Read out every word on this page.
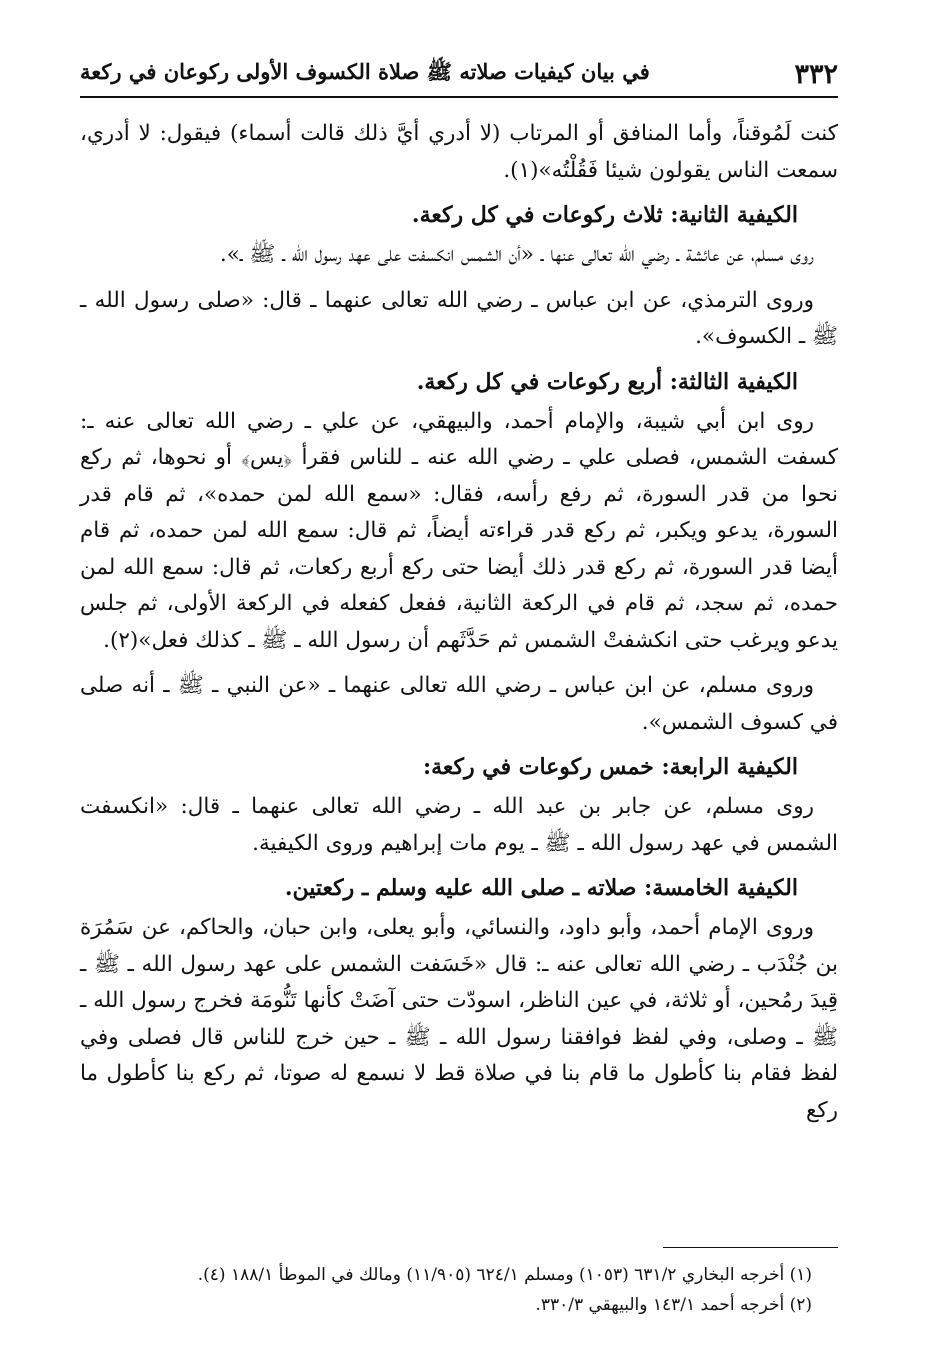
٣٣٢
في بيان كيفيات صلاته ﷺ صلاة الكسوف الأولى ركوعان في ركعة

كنت لَمُوقناً، وأما المنافق أو المرتاب (لا أدري أيَّ ذلك قالت أسماء) فيقول: لا أدري، سمعت الناس يقولون شيئا فَقُلْتُه»(١).

الكيفية الثانية: ثلاث ركوعات في كل ركعة.

روى مسلم، عن عائشة ـ رضي الله تعالى عنها ـ «أن الشمس انكسفت على عهد رسول الله ـ ﷺ ـ».

وروى الترمذي، عن ابن عباس ـ رضي الله تعالى عنهما ـ قال: «صلى رسول الله ـ ﷺ ـ الكسوف».

الكيفية الثالثة: أربع ركوعات في كل ركعة.

روى ابن أبي شيبة، والإمام أحمد، والبيهقي، عن علي ـ رضي الله تعالى عنه ـ: كسفت الشمس، فصلى علي ـ رضي الله عنه ـ للناس فقرأ ﴿يس﴾ أو نحوها، ثم ركع نحوا من قدر السورة، ثم رفع رأسه، فقال: «سمع الله لمن حمده»، ثم قام قدر السورة، يدعو ويكبر، ثم ركع قدر قراءته أيضاً، ثم قال: سمع الله لمن حمده، ثم قام أيضا قدر السورة، ثم ركع قدر ذلك أيضا حتى ركع أربع ركعات، ثم قال: سمع الله لمن حمده، ثم سجد، ثم قام في الركعة الثانية، ففعل كفعله في الركعة الأولى، ثم جلس يدعو ويرغب حتى انكشفتْ الشمس ثم حَدَّثَهم أن رسول الله ـ ﷺ ـ كذلك فعل»(٢).

وروى مسلم، عن ابن عباس ـ رضي الله تعالى عنهما ـ «عن النبي ـ ﷺ ـ أنه صلى في كسوف الشمس».

الكيفية الرابعة: خمس ركوعات في ركعة:

روى مسلم، عن جابر بن عبد الله ـ رضي الله تعالى عنهما ـ قال: «انكسفت الشمس في عهد رسول الله ـ ﷺ ـ يوم مات إبراهيم وروى الكيفية.

الكيفية الخامسة: صلاته ـ صلى الله عليه وسلم ـ ركعتين.

وروى الإمام أحمد، وأبو داود، والنسائي، وأبو يعلى، وابن حبان، والحاكم، عن سَمُرَة بن جُنْدَب ـ رضي الله تعالى عنه ـ: قال «خَسَفت الشمس على عهد رسول الله ـ ﷺ ـ قِيدَ رمُحين، أو ثلاثة، في عين الناظر، اسودّت حتى آضَتْ كأنها تَنُّومَة فخرج رسول الله ـ ﷺ ـ وصلى، وفي لفظ فوافقنا رسول الله ـ ﷺ ـ حين خرج للناس قال فصلى وفي لفظ فقام بنا كأطول ما قام بنا في صلاة قط لا نسمع له صوتا، ثم ركع بنا كأطول ما ركع

(١) أخرجه البخاري ٦٣١/٢ (١٠٥٣) ومسلم ٦٢٤/١ (١١/٩٠٥) ومالك في الموطأ ١٨٨/١ (٤).
(٢) أخرجه أحمد ١٤٣/١ والبيهقي ٣٣٠/٣.
